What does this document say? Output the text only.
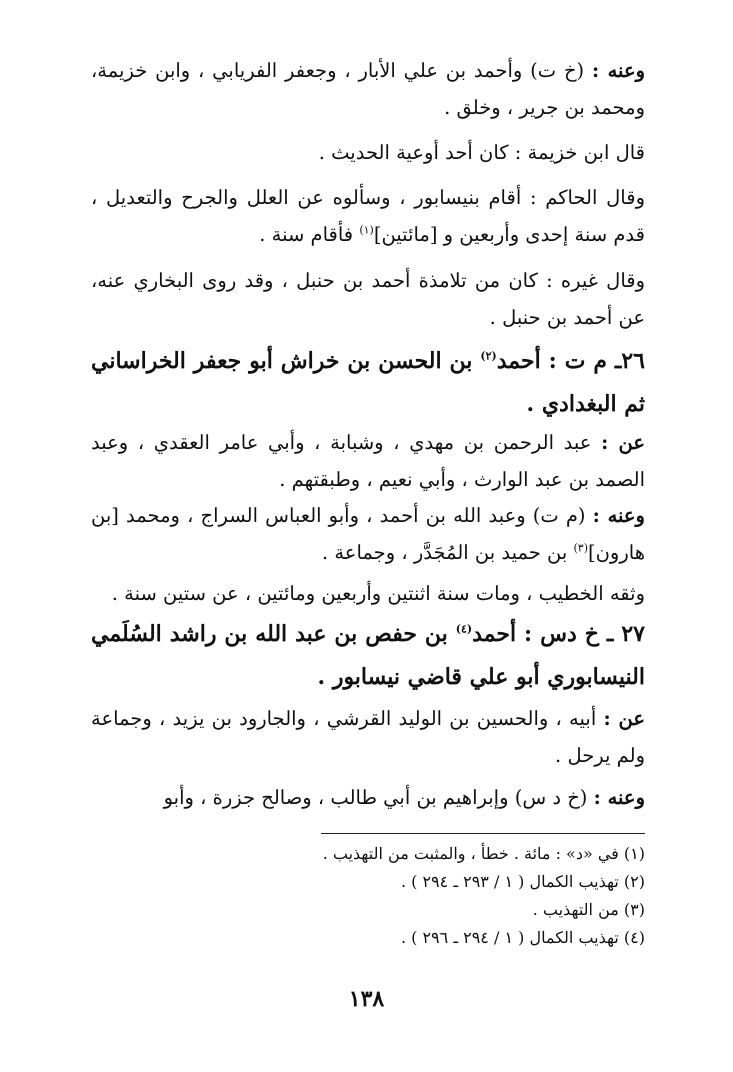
وعنه : (خ ت) وأحمد بن علي الأبار ، وجعفر الفريابي ، وابن خزيمة، ومحمد بن جرير ، وخلق .
قال ابن خزيمة : كان أحد أوعية الحديث .
وقال الحاكم : أقام بنيسابور ، وسألوه عن العلل والجرح والتعديل ، قدم سنة إحدى وأربعين و [مائتين]$^{(١)}$ فأقام سنة .
وقال غيره : كان من تلامذة أحمد بن حنبل ، وقد روى البخاري عنه، عن أحمد بن حنبل .
٢٦ـ م ت : أحمد$^{(٢)}$ بن الحسن بن خراش أبو جعفر الخراساني ثم البغدادي .
عن : عبد الرحمن بن مهدي ، وشبابة ، وأبي عامر العقدي ، وعبد الصمد بن عبد الوارث ، وأبي نعيم ، وطبقتهم .
وعنه : (م ت) وعبد الله بن أحمد ، وأبو العباس السراج ، ومحمد [بن هارون]$^{(٣)}$ بن حميد بن المُجَدَّر ، وجماعة .
وثقه الخطيب ، ومات سنة اثنتين وأربعين ومائتين ، عن ستين سنة .
٢٧ ـ خ دس : أحمد$^{(٤)}$ بن حفص بن عبد الله بن راشد السُلَمي النيسابوري أبو علي قاضي نيسابور .
عن : أبيه ، والحسين بن الوليد القرشي ، والجارود بن يزيد ، وجماعة ولم يرحل .
وعنه : (خ د س) وإبراهيم بن أبي طالب ، وصالح جزرة ، وأبو
(١) في «د» : مائة . خطأ ، والمثبت من التهذيب .
(٢) تهذيب الكمال ( ١ / ٢٩٣ ـ ٢٩٤ ) .
(٣) من التهذيب .
(٤) تهذيب الكمال ( ١ / ٢٩٤ ـ ٢٩٦ ) .
١٣٨
